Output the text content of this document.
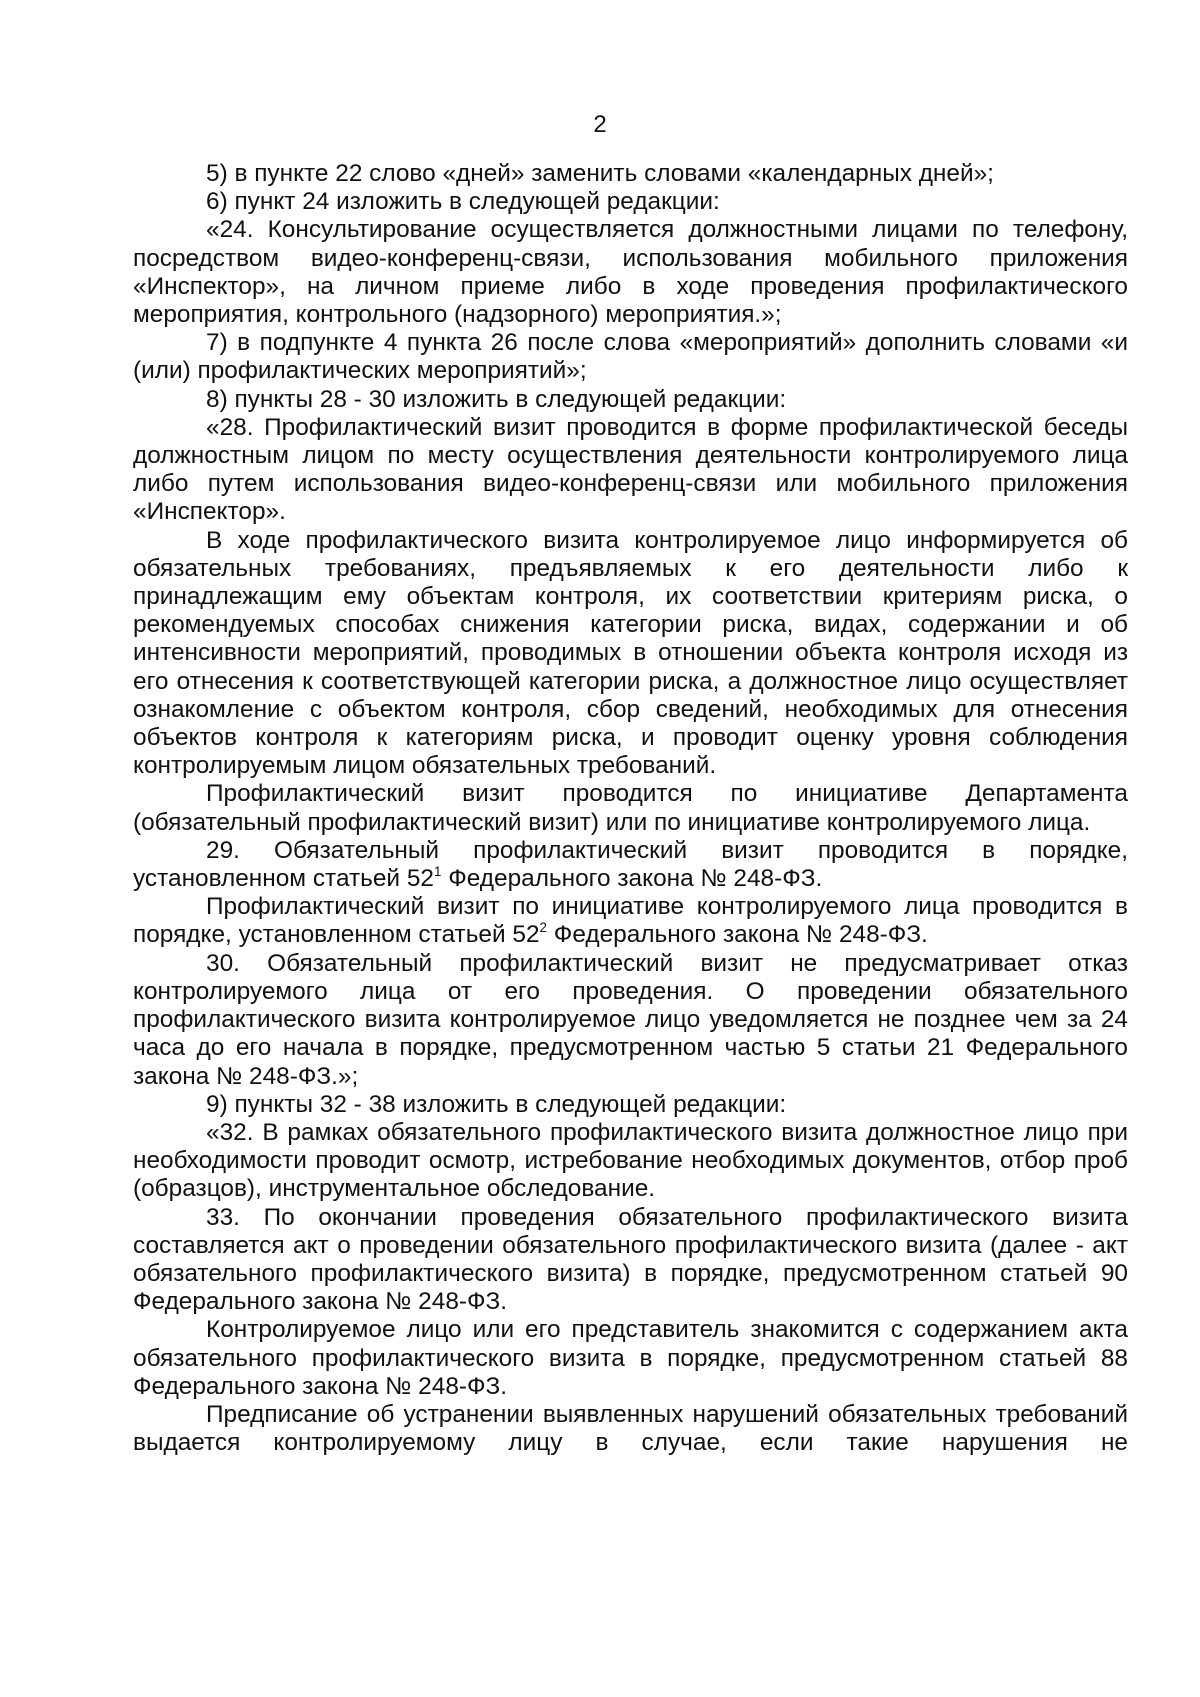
2

5) в пункте 22 слово «дней» заменить словами «календарных дней»;

6) пункт 24 изложить в следующей редакции:

«24. Консультирование осуществляется должностными лицами по телефону, посредством видео-конференц-связи, использования мобильного приложения «Инспектор», на личном приеме либо в ходе проведения профилактического мероприятия, контрольного (надзорного) мероприятия.»;

7) в подпункте 4 пункта 26 после слова «мероприятий» дополнить словами «и (или) профилактических мероприятий»;

8) пункты 28 - 30 изложить в следующей редакции:

«28. Профилактический визит проводится в форме профилактической беседы должностным лицом по месту осуществления деятельности контролируемого лица либо путем использования видео-конференц-связи или мобильного приложения «Инспектор».

В ходе профилактического визита контролируемое лицо информируется об обязательных требованиях, предъявляемых к его деятельности либо к принадлежащим ему объектам контроля, их соответствии критериям риска, о рекомендуемых способах снижения категории риска, видах, содержании и об интенсивности мероприятий, проводимых в отношении объекта контроля исходя из его отнесения к соответствующей категории риска, а должностное лицо осуществляет ознакомление с объектом контроля, сбор сведений, необходимых для отнесения объектов контроля к категориям риска, и проводит оценку уровня соблюдения контролируемым лицом обязательных требований.

Профилактический визит проводится по инициативе Департамента (обязательный профилактический визит) или по инициативе контролируемого лица.

29. Обязательный профилактический визит проводится в порядке, установленном статьей $52^1$ Федерального закона № 248-ФЗ.

Профилактический визит по инициативе контролируемого лица проводится в порядке, установленном статьей $52^2$ Федерального закона № 248-ФЗ.

30. Обязательный профилактический визит не предусматривает отказ контролируемого лица от его проведения. О проведении обязательного профилактического визита контролируемое лицо уведомляется не позднее чем за 24 часа до его начала в порядке, предусмотренном частью 5 статьи 21 Федерального закона № 248-ФЗ.»;

9) пункты 32 - 38 изложить в следующей редакции:

«32. В рамках обязательного профилактического визита должностное лицо при необходимости проводит осмотр, истребование необходимых документов, отбор проб (образцов), инструментальное обследование.

33. По окончании проведения обязательного профилактического визита составляется акт о проведении обязательного профилактического визита (далее - акт обязательного профилактического визита) в порядке, предусмотренном статьей 90 Федерального закона № 248-ФЗ.

Контролируемое лицо или его представитель знакомится с содержанием акта обязательного профилактического визита в порядке, предусмотренном статьей 88 Федерального закона № 248-ФЗ.

Предписание об устранении выявленных нарушений обязательных требований выдается контролируемому лицу в случае, если такие нарушения не
